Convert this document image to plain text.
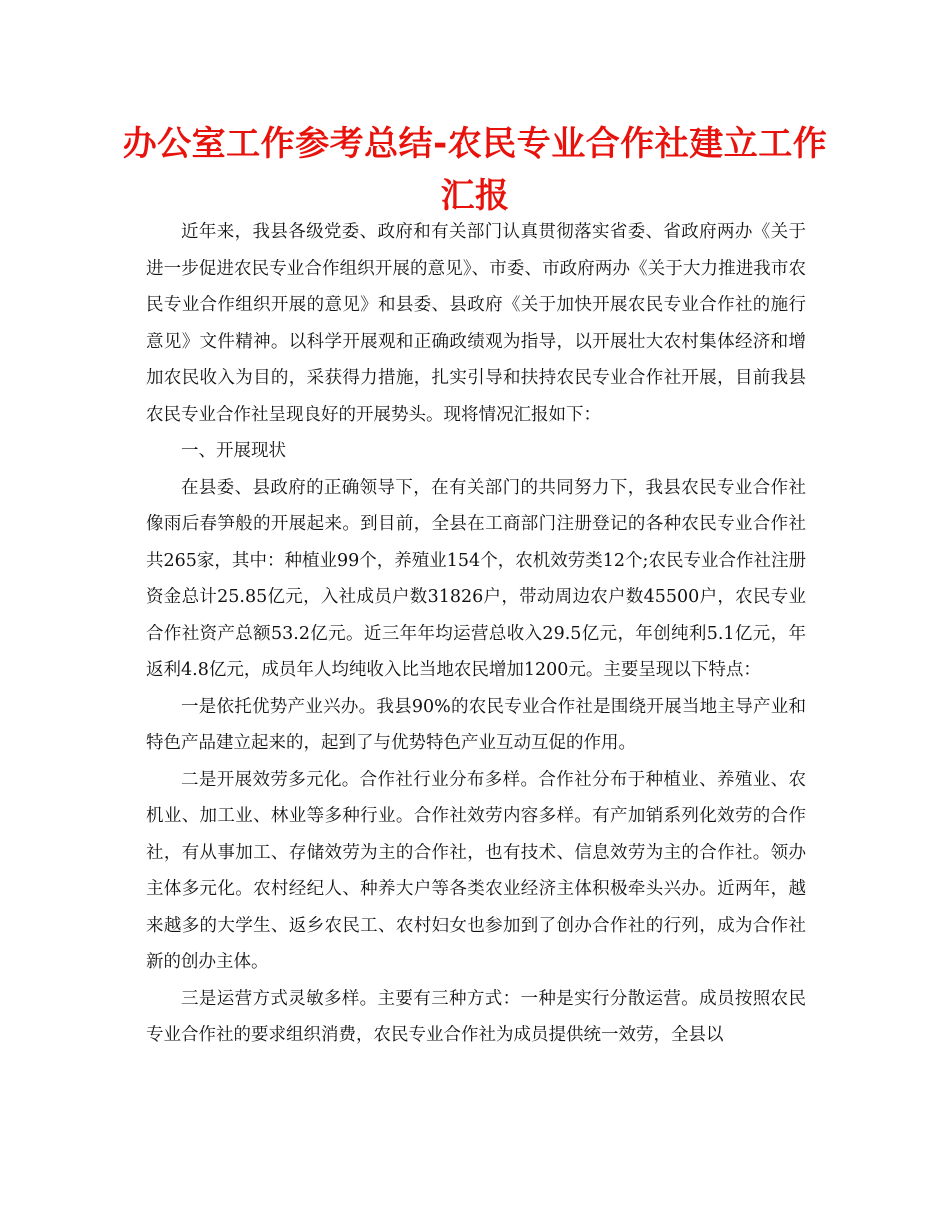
办公室工作参考总结-农民专业合作社建立工作汇报

近年来，我县各级党委、政府和有关部门认真贯彻落实省委、省政府两办《关于进一步促进农民专业合作组织开展的意见》、市委、市政府两办《关于大力推进我市农民专业合作组织开展的意见》和县委、县政府《关于加快开展农民专业合作社的施行意见》文件精神。以科学开展观和正确政绩观为指导，以开展壮大农村集体经济和增加农民收入为目的，采获得力措施，扎实引导和扶持农民专业合作社开展，目前我县农民专业合作社呈现良好的开展势头。现将情况汇报如下：

一、开展现状

在县委、县政府的正确领导下，在有关部门的共同努力下，我县农民专业合作社像雨后春笋般的开展起来。到目前，全县在工商部门注册登记的各种农民专业合作社共265家，其中：种植业99个，养殖业154个，农机效劳类12个;农民专业合作社注册资金总计25.85亿元，入社成员户数31826户，带动周边农户数45500户，农民专业合作社资产总额53.2亿元。近三年年均运营总收入29.5亿元，年创纯利5.1亿元，年返利4.8亿元，成员年人均纯收入比当地农民增加1200元。主要呈现以下特点：

一是依托优势产业兴办。我县90%的农民专业合作社是围绕开展当地主导产业和特色产品建立起来的，起到了与优势特色产业互动互促的作用。

二是开展效劳多元化。合作社行业分布多样。合作社分布于种植业、养殖业、农机业、加工业、林业等多种行业。合作社效劳内容多样。有产加销系列化效劳的合作社，有从事加工、存储效劳为主的合作社，也有技术、信息效劳为主的合作社。领办主体多元化。农村经纪人、种养大户等各类农业经济主体积极牵头兴办。近两年，越来越多的大学生、返乡农民工、农村妇女也参加到了创办合作社的行列，成为合作社新的创办主体。

三是运营方式灵敏多样。主要有三种方式：一种是实行分散运营。成员按照农民专业合作社的要求组织消费，农民专业合作社为成员提供统一效劳，全县以
